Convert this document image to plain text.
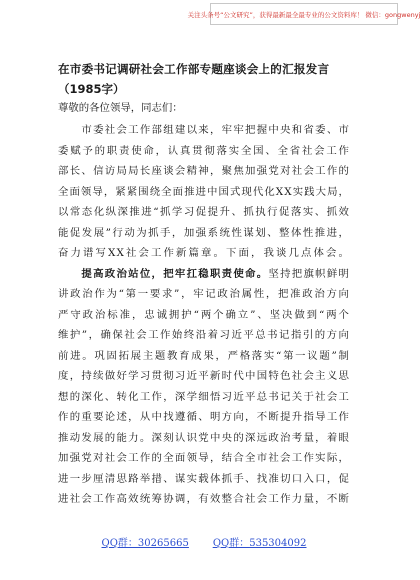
关注头条号“公文研究”，获得最新最全最专业的公文资料库！ 微信：gongwenyj
在市委书记调研社会工作部专题座谈会上的汇报发言
（1985字）
尊敬的各位领导，同志们：

　　市委社会工作部组建以来，牢牢把握中央和省委、市
委赋予的职责使命，认真贯彻落实全国、全省社会工作
部长、信访局局长座谈会精神，聚焦加强党对社会工作的
全面领导，紧紧围绕全面推进中国式现代化XX实践大局，
以常态化纵深推进“抓学习促提升、抓执行促落实、抓效
能促发展”行动为抓手，加强系统性谋划、整体性推进，
奋力谱写XX社会工作新篇章。下面，我谈几点体会。

　　提高政治站位，把牢扛稳职责使命。坚持把旗帜鲜明
讲政治作为“第一要求”，牢记政治属性，把准政治方向
严守政治标准，忠诚拥护“两个确立”、坚决做到“两个
维护”，确保社会工作始终沿着习近平总书记指引的方向
前进。巩固拓展主题教育成果，严格落实“第一议题”制
度，持续做好学习贯彻习近平新时代中国特色社会主义思
想的深化、转化工作，深学细悟习近平总书记关于社会工
作的重要论述，从中找遵循、明方向，不断提升指导工作
推动发展的能力。深刻认识党中央的深远政治考量，着眼
加强党对社会工作的全面领导，结合全市社会工作实际，
进一步厘清思路举措、谋实载体抓手、找准切口入口，促
进社会工作高效统筹协调，有效整合社会工作力量，不断

QQ群：30265665 QQ群：535304092
